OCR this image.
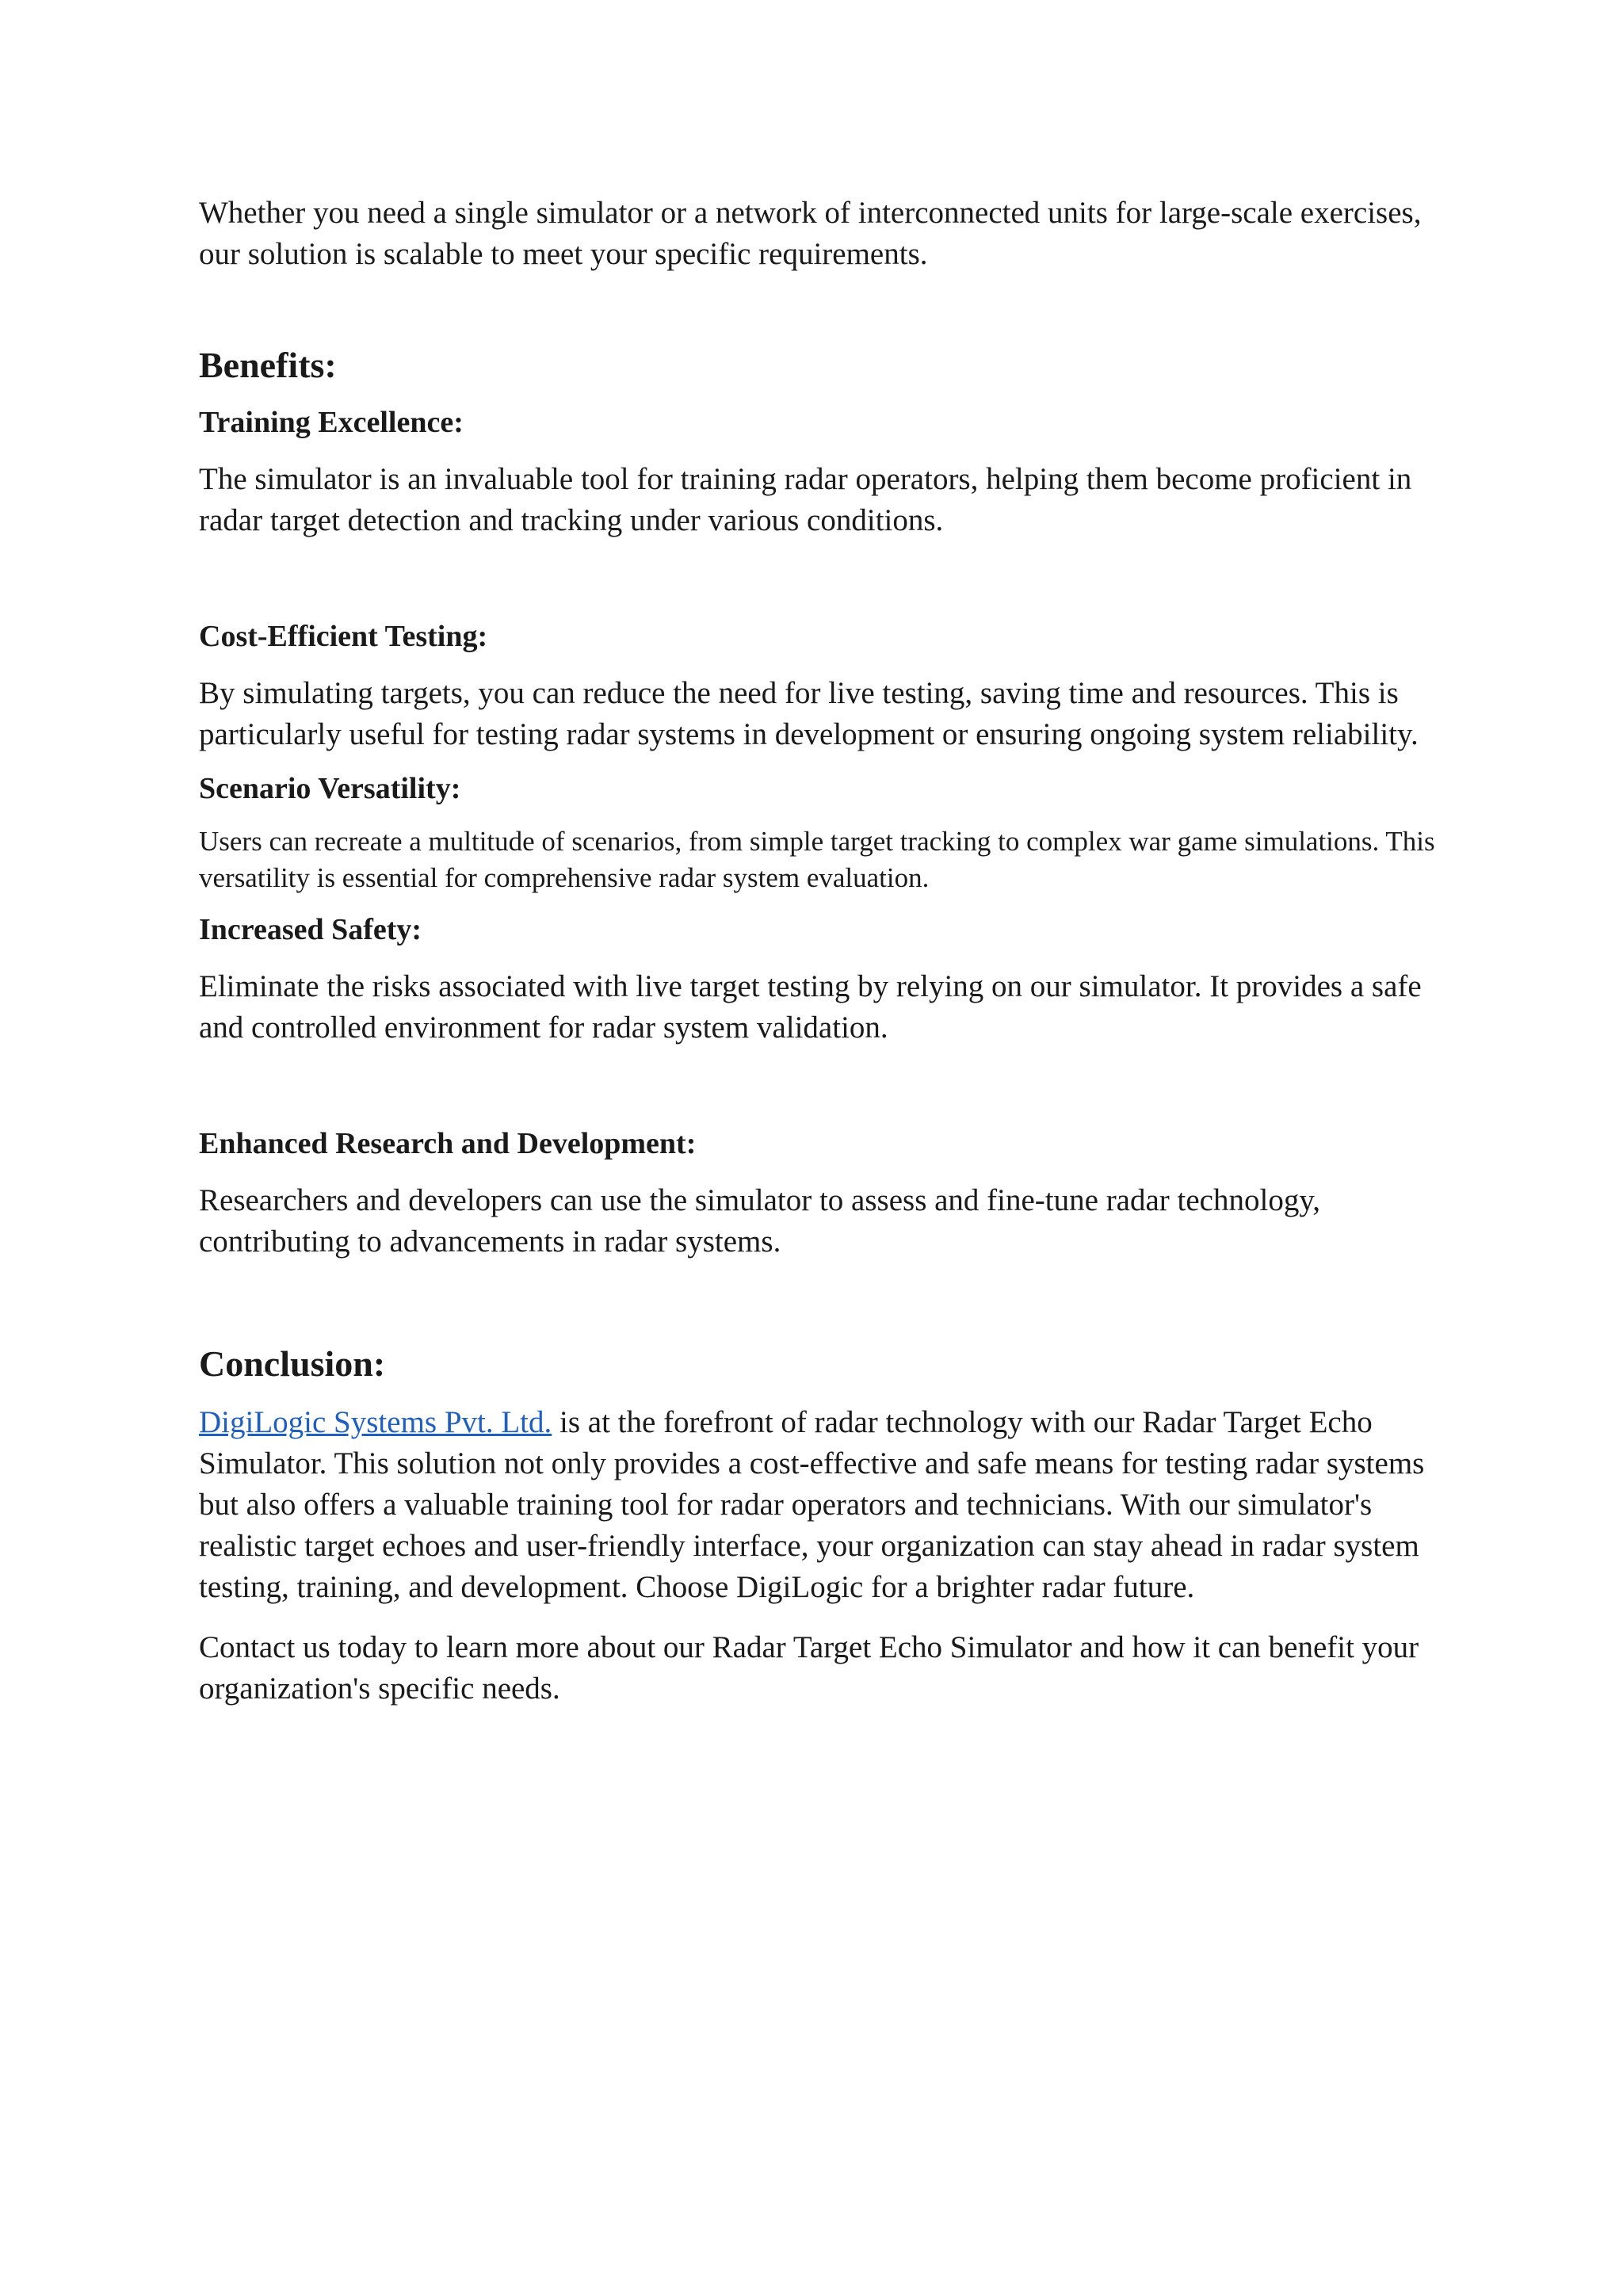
Whether you need a single simulator or a network of interconnected units for large-scale exercises, our solution is scalable to meet your specific requirements.

Benefits:
Training Excellence:

The simulator is an invaluable tool for training radar operators, helping them become proficient in radar target detection and tracking under various conditions.

Cost-Efficient Testing:

By simulating targets, you can reduce the need for live testing, saving time and resources. This is particularly useful for testing radar systems in development or ensuring ongoing system reliability.

Scenario Versatility:

Users can recreate a multitude of scenarios, from simple target tracking to complex war game simulations. This versatility is essential for comprehensive radar system evaluation.

Increased Safety:

Eliminate the risks associated with live target testing by relying on our simulator. It provides a safe and controlled environment for radar system validation.

Enhanced Research and Development:

Researchers and developers can use the simulator to assess and fine-tune radar technology, contributing to advancements in radar systems.

Conclusion:

DigiLogic Systems Pvt. Ltd. is at the forefront of radar technology with our Radar Target Echo Simulator. This solution not only provides a cost-effective and safe means for testing radar systems but also offers a valuable training tool for radar operators and technicians. With our simulator's realistic target echoes and user-friendly interface, your organization can stay ahead in radar system testing, training, and development. Choose DigiLogic for a brighter radar future.

Contact us today to learn more about our Radar Target Echo Simulator and how it can benefit your organization's specific needs.
